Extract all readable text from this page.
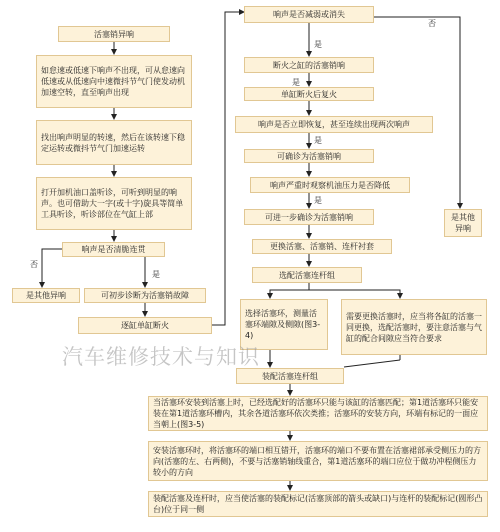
活塞销异响
如怠速或低速下响声不出现，可从怠速向低速或从低速向中速微抖节气门使发动机加速空转，直至响声出现
找出响声明显的转速，然后在该转速下稳定运转或微抖节气门加速运转
打开加机油口盖听诊，可听到明显的响声。也可借助大一字(或十字)旋具等简单工具听诊，听诊部位在气缸上部
响声是否清脆连贯
否
是
是其他异响	可初步诊断为活塞销故障
逐缸单缸断火
响声是否减弱或消失
否
是
断火之缸的活塞销响
是
单缸断火后复火
响声是否立即恢复，甚至连续出现两次响声
是
可确诊为活塞销响
响声严重时观察机油压力是否降低
是
可进一步确诊为活塞销响	是其他异响
更换活塞、活塞销、连杆衬套
选配活塞连杆组
选择活塞环，测量活塞环端隙及侧隙(图3-4)
需要更换活塞时，应当将各缸的活塞一同更换，选配活塞时，要注意活塞与气缸的配合间隙应当符合要求
装配活塞连杆组
当活塞环安装到活塞上时，已经选配好的活塞环只能与该缸的活塞匹配；第1道活塞环只能安装在第1道活塞环槽内，其余各道活塞环依次类推；活塞环的安装方向，环端有标记的一面应当朝上(图3-5)
安装活塞环时，将活塞环的端口相互错开，活塞环的端口不要布置在活塞裙部承受侧压力的方向(活塞的左、右两侧)，不要与活塞销轴线重合，第1道活塞环的端口应位于做功冲程侧压力较小的方向
装配活塞及连杆时，应当使活塞的装配标记(活塞顶部的箭头或缺口)与连杆的装配标记(圆形凸台)位于同一侧
汽车维修技术与知识
